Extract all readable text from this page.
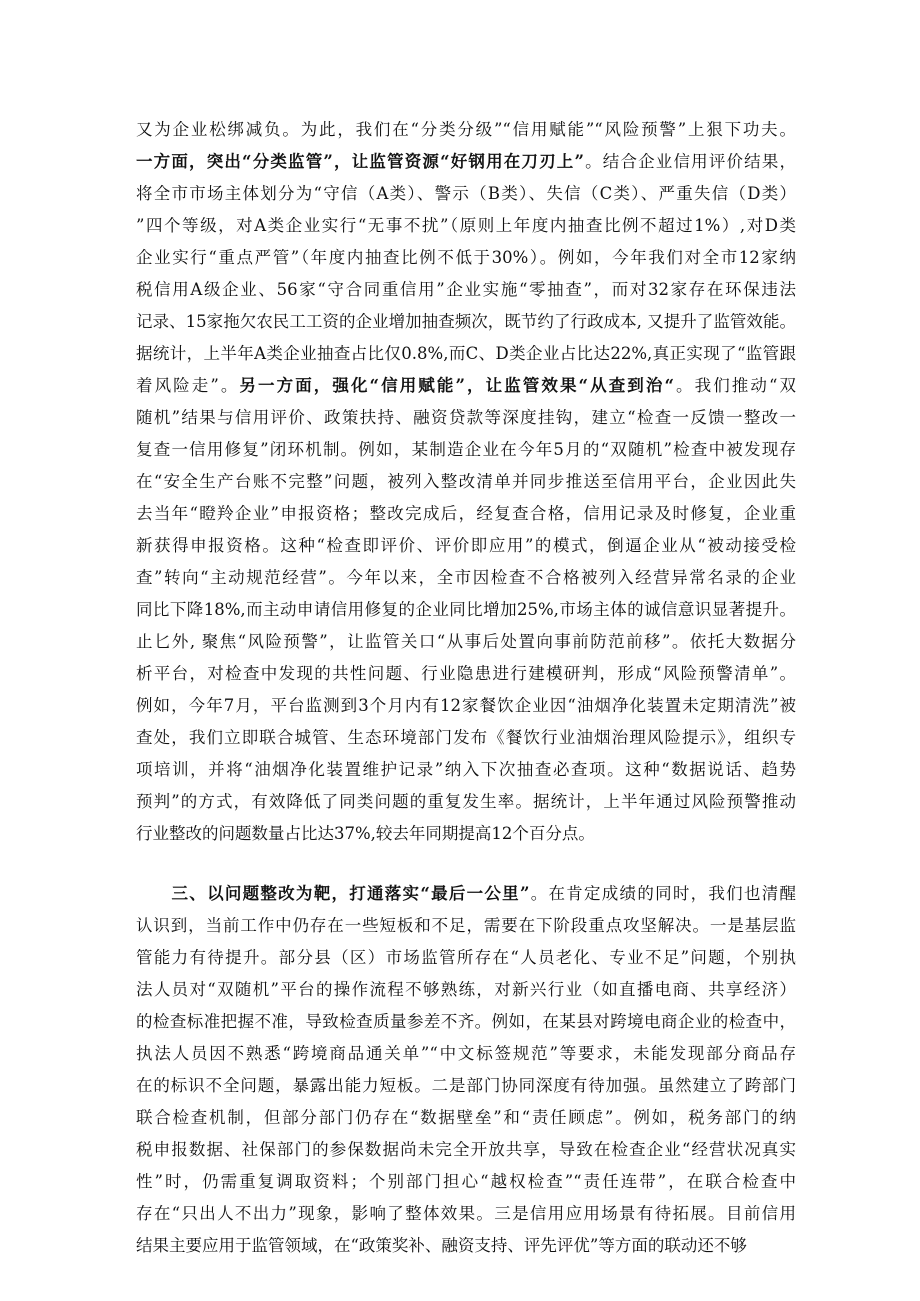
又为企业松绑减负。为此，我们在“分类分级”“信用赋能”“风险预警”上狠下功夫。
一方面，突出“分类监管”，让监管资源“好钢用在刀刃上”。结合企业信用评价结果，
将全市市场主体划分为“守信（A类）、警示（B类）、失信（C类）、严重失信（D类）
”四个等级，对A类企业实行“无事不扰”（原则上年度内抽查比例不超过1%）,对D类
企业实行“重点严管”（年度内抽查比例不低于30%）。例如，今年我们对全市12家纳
税信用A级企业、56家“守合同重信用”企业实施“零抽查”，而对32家存在环保违法
记录、15家拖欠农民工工资的企业增加抽查频次，既节约了行政成本, 又提升了监管效能。
据统计，上半年A类企业抽查占比仅0.8%,而C、D类企业占比达22%,真正实现了“监管跟
着风险走”。另一方面，强化“信用赋能”，让监管效果“从查到治“。我们推动“双
随机”结果与信用评价、政策扶持、融资贷款等深度挂钩，建立“检查一反馈一整改一
复查一信用修复”闭环机制。例如，某制造企业在今年5月的“双随机”检查中被发现存
在“安全生产台账不完整”问题，被列入整改清单并同步推送至信用平台，企业因此失
去当年“瞪羚企业”申报资格；整改完成后，经复查合格，信用记录及时修复，企业重
新获得申报资格。这种“检查即评价、评价即应用”的模式，倒逼企业从“被动接受检
查”转向“主动规范经营”。今年以来，全市因检查不合格被列入经营异常名录的企业
同比下降18%,而主动申请信用修复的企业同比增加25%,市场主体的诚信意识显著提升。
止匕外, 聚焦“风险预警”，让监管关口“从事后处置向事前防范前移”。依托大数据分
析平台，对检查中发现的共性问题、行业隐患进行建模研判，形成“风险预警清单”。
例如，今年7月，平台监测到3个月内有12家餐饮企业因“油烟净化装置未定期清洗”被
查处，我们立即联合城管、生态环境部门发布《餐饮行业油烟治理风险提示》，组织专
项培训，并将“油烟净化装置维护记录”纳入下次抽查必查项。这种“数据说话、趋势
预判”的方式，有效降低了同类问题的重复发生率。据统计，上半年通过风险预警推动
行业整改的问题数量占比达37%,较去年同期提高12个百分点。
　　三、以问题整改为靶，打通落实“最后一公里”。在肯定成绩的同时，我们也清醒
认识到，当前工作中仍存在一些短板和不足，需要在下阶段重点攻坚解决。一是基层监
管能力有待提升。部分县（区）市场监管所存在“人员老化、专业不足”问题，个别执
法人员对“双随机”平台的操作流程不够熟练，对新兴行业（如直播电商、共享经济）
的检查标准把握不准，导致检查质量参差不齐。例如，在某县对跨境电商企业的检查中，
执法人员因不熟悉“跨境商品通关单”“中文标签规范”等要求，未能发现部分商品存
在的标识不全问题，暴露出能力短板。二是部门协同深度有待加强。虽然建立了跨部门
联合检查机制，但部分部门仍存在“数据壁垒”和“责任顾虑”。例如，税务部门的纳
税申报数据、社保部门的参保数据尚未完全开放共享，导致在检查企业“经营状况真实
性”时，仍需重复调取资料；个别部门担心“越权检查”“责任连带”，在联合检查中
存在“只出人不出力”现象，影响了整体效果。三是信用应用场景有待拓展。目前信用
结果主要应用于监管领域，在“政策奖补、融资支持、评先评优”等方面的联动还不够
